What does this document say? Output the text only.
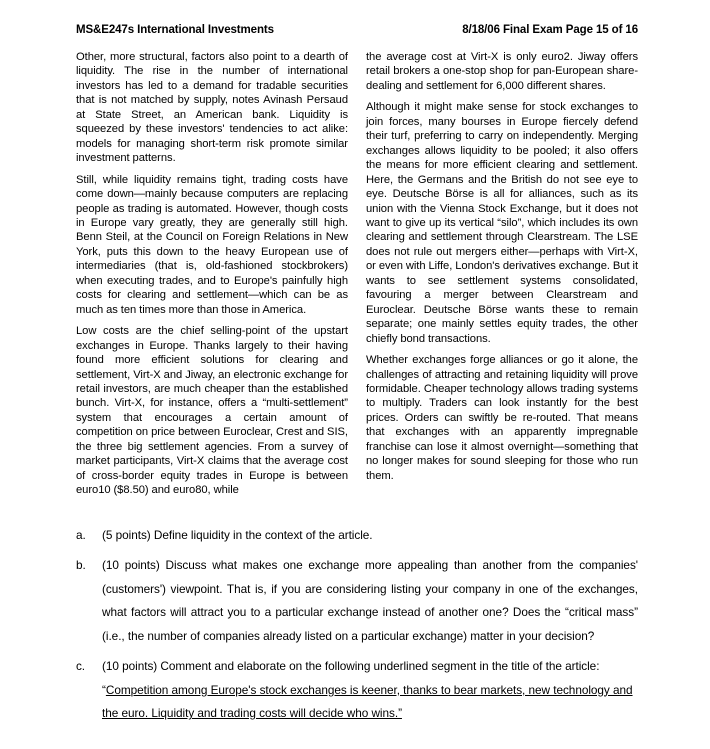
MS&E247s International Investments	8/18/06 Final Exam Page 15 of 16

Other, more structural, factors also point to a dearth of liquidity. The rise in the number of international investors has led to a demand for tradable securities that is not matched by supply, notes Avinash Persaud at State Street, an American bank. Liquidity is squeezed by these investors' tendencies to act alike: models for managing short-term risk promote similar investment patterns.

Still, while liquidity remains tight, trading costs have come down—mainly because computers are replacing people as trading is automated. However, though costs in Europe vary greatly, they are generally still high. Benn Steil, at the Council on Foreign Relations in New York, puts this down to the heavy European use of intermediaries (that is, old-fashioned stockbrokers) when executing trades, and to Europe's painfully high costs for clearing and settlement—which can be as much as ten times more than those in America.

Low costs are the chief selling-point of the upstart exchanges in Europe. Thanks largely to their having found more efficient solutions for clearing and settlement, Virt-X and Jiway, an electronic exchange for retail investors, are much cheaper than the established bunch. Virt-X, for instance, offers a “multi-settlement” system that encourages a certain amount of competition on price between Euroclear, Crest and SIS, the three big settlement agencies. From a survey of market participants, Virt-X claims that the average cost of cross-border equity trades in Europe is between euro10 ($8.50) and euro80, while

the average cost at Virt-X is only euro2. Jiway offers retail brokers a one-stop shop for pan-European share-dealing and settlement for 6,000 different shares.

Although it might make sense for stock exchanges to join forces, many bourses in Europe fiercely defend their turf, preferring to carry on independently. Merging exchanges allows liquidity to be pooled; it also offers the means for more efficient clearing and settlement. Here, the Germans and the British do not see eye to eye. Deutsche Börse is all for alliances, such as its union with the Vienna Stock Exchange, but it does not want to give up its vertical “silo”, which includes its own clearing and settlement through Clearstream. The LSE does not rule out mergers either—perhaps with Virt-X, or even with Liffe, London's derivatives exchange. But it wants to see settlement systems consolidated, favouring a merger between Clearstream and Euroclear. Deutsche Börse wants these to remain separate; one mainly settles equity trades, the other chiefly bond transactions.

Whether exchanges forge alliances or go it alone, the challenges of attracting and retaining liquidity will prove formidable. Cheaper technology allows trading systems to multiply. Traders can look instantly for the best prices. Orders can swiftly be re-routed. That means that exchanges with an apparently impregnable franchise can lose it almost overnight—something that no longer makes for sound sleeping for those who run them.

a.	(5 points) Define liquidity in the context of the article.
b.	(10 points) Discuss what makes one exchange more appealing than another from the companies' (customers') viewpoint. That is, if you are considering listing your company in one of the exchanges, what factors will attract you to a particular exchange instead of another one? Does the “critical mass” (i.e., the number of companies already listed on a particular exchange) matter in your decision?
c.	(10 points) Comment and elaborate on the following underlined segment in the title of the article: “Competition among Europe's stock exchanges is keener, thanks to bear markets, new technology and the euro. Liquidity and trading costs will decide who wins.”
